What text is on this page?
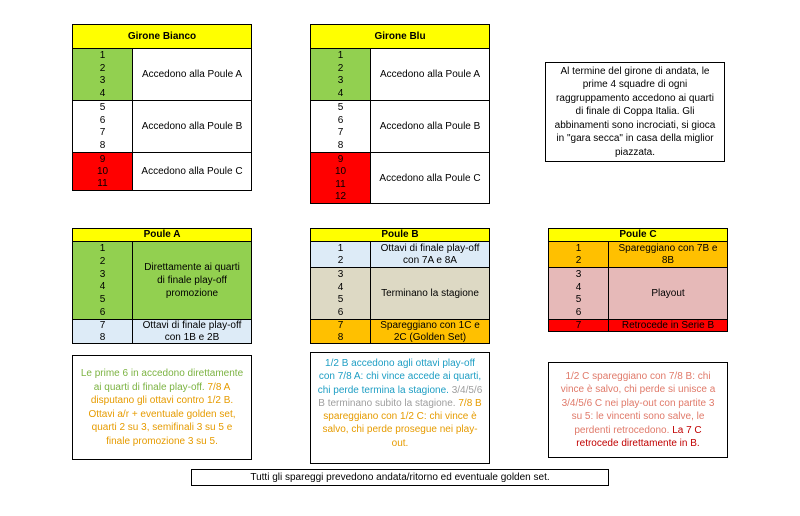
Girone Bianco
1
2
3
4
Accedono alla Poule A
5
6
7
8
Accedono alla Poule B
9
10
11
Accedono alla Poule C
Girone Blu
1
2
3
4
Accedono alla Poule A
5
6
7
8
Accedono alla Poule B
9
10
11
12
Accedono alla Poule C
Al termine del girone di andata, le prime 4 squadre di ogni raggruppamento accedono ai quarti di finale di Coppa Italia. Gli abbinamenti sono incrociati, si gioca in "gara secca" in casa della miglior piazzata.
Poule A
1
2
3
4
5
6
Direttamente ai quarti di finale play-off promozione
7
8
Ottavi di finale play-off con 1B e 2B
Poule B
1
2
Ottavi di finale play-off con 7A e 8A
3
4
5
6
Terminano la stagione
7
8
Spareggiano con 1C e 2C (Golden Set)
Poule C
1
2
Spareggiano con 7B e 8B
3
4
5
6
Playout
7	Retrocede in Serie B
Le prime 6 in accedono direttamente ai quarti di finale play-off. 7/8 A disputano gli ottavi contro 1/2 B. Ottavi a/r + eventuale golden set, quarti 2 su 3, semifinali 3 su 5 e finale promozione 3 su 5.
1/2 B accedono agli ottavi play-off con 7/8 A: chi vince accede ai quarti, chi perde termina la stagione. 3/4/5/6 B terminano subito la stagione. 7/8 B spareggiano con 1/2 C: chi vince è salvo, chi perde prosegue nei play-out.
1/2 C spareggiano con 7/8 B: chi vince è salvo, chi perde si unisce a 3/4/5/6 C nei play-out con partite 3 su 5: le vincenti sono salve, le perdenti retrocedono. La 7 C retrocede direttamente in B.
Tutti gli spareggi prevedono andata/ritorno ed eventuale golden set.
